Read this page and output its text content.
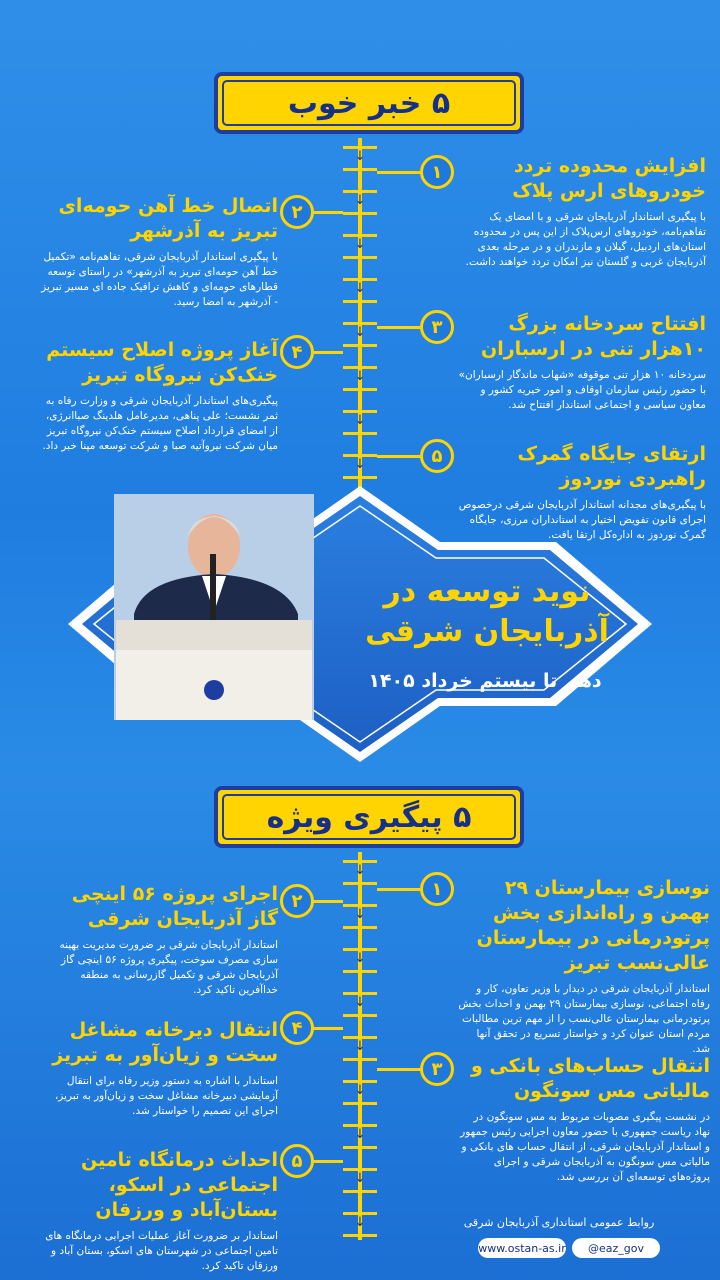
۵ خبر خوب
↓
↓
↓
↓
↓
↓
↓
↓
۱	افزایش محدوده تردد خودروهای ارس پلاک

با پیگیری استاندار آذربایجان شرقی و با امضای یک تفاهم‌نامه، خودروهای ارس‌پلاک از این پس در محدوده استان‌های اردبیل، گیلان و مازندران و در مرحله بعدی آذربایجان غربی و گلستان نیز امکان تردد خواهند داشت.

۲
اتصال خط آهن حومه‌ای تبریز به آذرشهر

با پیگیری استاندار آذربایجان شرقی، تفاهم‌نامه «تکمیل خط آهن حومه‌ای تبریز به آذرشهر» در راستای توسعه قطارهای حومه‌ای و کاهش ترافیک جاده ای مسیر تبریز - آذرشهر به امضا رسید.

۳	افتتاح سردخانه بزرگ ۱۰هزار تنی در ارسباران

سردخانه ۱۰ هزار تنی موقوفه «شهاب ماندگار ارسباران» با حضور رئیس سازمان اوقاف و امور خیریه کشور و معاون سیاسی و اجتماعی استاندار افتتاح شد.

۴
آغاز پروژه اصلاح سیستم خنک‌کن نیروگاه تبریز

پیگیری‌های استاندار آذربایجان شرقی و وزارت رفاه به ثمر نشست؛ علی پناهی، مدیرعامل هلدینگ صباانرژی، از امضای قرارداد اصلاح سیستم خنک‌کن نیروگاه تبریز میان شرکت نیروآتیه صبا و شرکت توسعه مپنا خبر داد.	۵	ارتقای جایگاه گمرک راهبردی نوردوز

با پیگیری‌های مجدانه استاندار آذربایجان شرقی درخصوص اجرای قانون تفویض اختیار به استانداران مرزی، جایگاه گمرک نوردوز به اداره‌کل ارتقا یافت.

نوید توسعه در
آذربایجان شرقی
دهم تا بیستم خرداد ۱۴۰۵
۵ پیگیری ویژه
↓
↓
↓
↓
↓
↓
↓
↓
↓
۱	نوسازی بیمارستان ۲۹ بهمن و راه‌اندازی بخش پرتودرمانی در بیمارستان عالی‌نسب تبریز

استاندار آذربایجان شرقی در دیدار با وزیر تعاون، کار و رفاه اجتماعی، نوسازی بیمارستان ۲۹ بهمن و احداث بخش پرتودرمانی بیمارستان عالی‌نسب را از مهم ترین مطالبات مردم استان عنوان کرد و خواستار تسریع در تحقق آنها شد.

۲
اجرای پروژه ۵۶ اینچی گاز آذربایجان شرقی

استاندار آذربایجان شرقی بر ضرورت مدیریت بهینه سازی مصرف سوخت، پیگیری پروژه ۵۶ اینچی گاز آذربایجان شرقی و تکمیل گازرسانی به منطقه خداآفرین تاکید کرد.

۳	انتقال حساب‌های بانکی و مالیاتی مس سونگون

در نشست پیگیری مصوبات مربوط به مس سونگون در نهاد ریاست جمهوری با حضور معاون اجرایی رئیس جمهور و استاندار آذربایجان شرقی، از انتقال حساب های بانکی و مالیاتی مس سونگون به آذربایجان شرقی و اجرای پروژه‌های توسعه‌ای آن بررسی شد.

۴
انتقال دیرخانه مشاغل سخت و زیان‌آور به تبریز

استاندار با اشاره به دستور وزیر رفاه برای انتقال آزمایشی دبیرخانه مشاغل سخت و زیان‌آور به تبریز، اجرای این تصمیم را خواستار شد.

۵
احداث درمانگاه تامین اجتماعی در اسکو، بستان‌آباد و ورزقان

استاندار بر ضرورت آغاز عملیات اجرایی درمانگاه های تامین اجتماعی در شهرستان های اسکو، بستان آباد و ورزقان تاکید کرد.

روابط عمومی استانداری آذربایجان شرقی
www.ostan-as.ir @eaz_gov
